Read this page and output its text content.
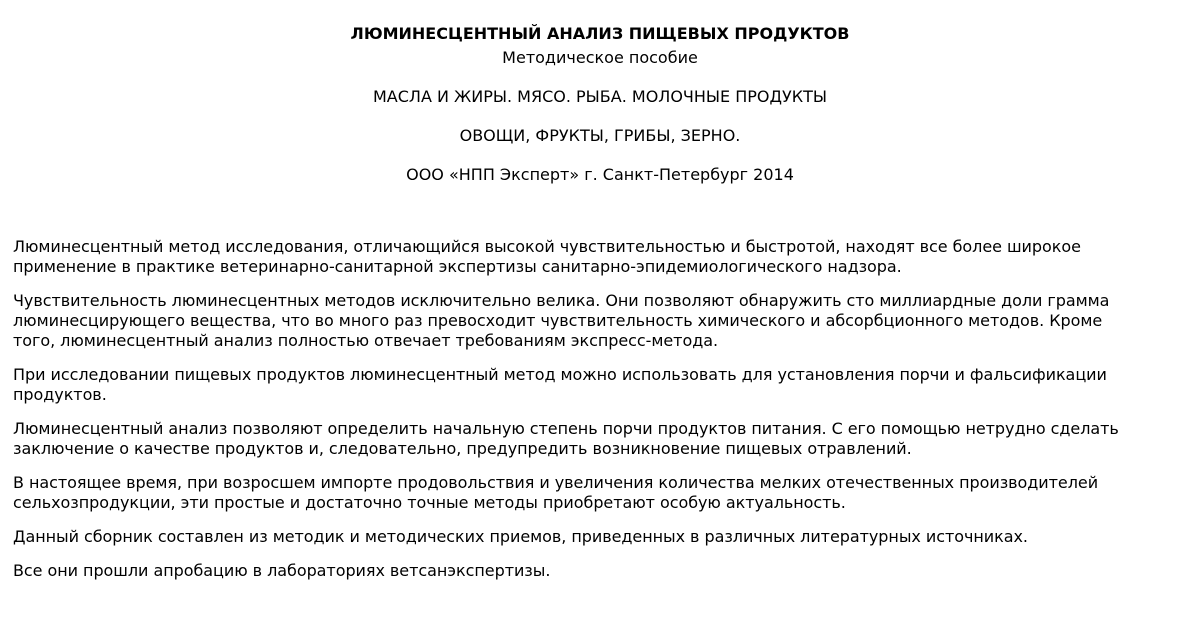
ЛЮМИНЕСЦЕНТНЫЙ АНАЛИЗ ПИЩЕВЫХ ПРОДУКТОВ

Методическое пособие

МАСЛА И ЖИРЫ. МЯСО. РЫБА. МОЛОЧНЫЕ ПРОДУКТЫ

ОВОЩИ, ФРУКТЫ, ГРИБЫ, ЗЕРНО.

ООО «НПП Эксперт» г. Санкт-Петербург 2014

Люминесцентный метод исследования, отличающийся высокой чувствительностью и быстротой, находят все более широкое
применение в практике ветеринарно-санитарной экспертизы санитарно-эпидемиологического надзора.

Чувствительность люминесцентных методов исключительно велика. Они позволяют обнаружить сто миллиардные доли грамма
люминесцирующего вещества, что во много раз превосходит чувствительность химического и абсорбционного методов. Кроме
того, люминесцентный анализ полностью отвечает требованиям экспресс-метода.

При исследовании пищевых продуктов люминесцентный метод можно использовать для установления порчи и фальсификации
продуктов.

Люминесцентный анализ позволяют определить начальную степень порчи продуктов питания. С его помощью нетрудно сделать
заключение о качестве продуктов и, следовательно, предупредить возникновение пищевых отравлений.

В настоящее время, при возросшем импорте продовольствия и увеличения количества мелких отечественных производителей
сельхозпродукции, эти простые и достаточно точные методы приобретают особую актуальность.

Данный сборник составлен из методик и методических приемов, приведенных в различных литературных источниках.

Все они прошли апробацию в лабораториях ветсанэкспертизы.
